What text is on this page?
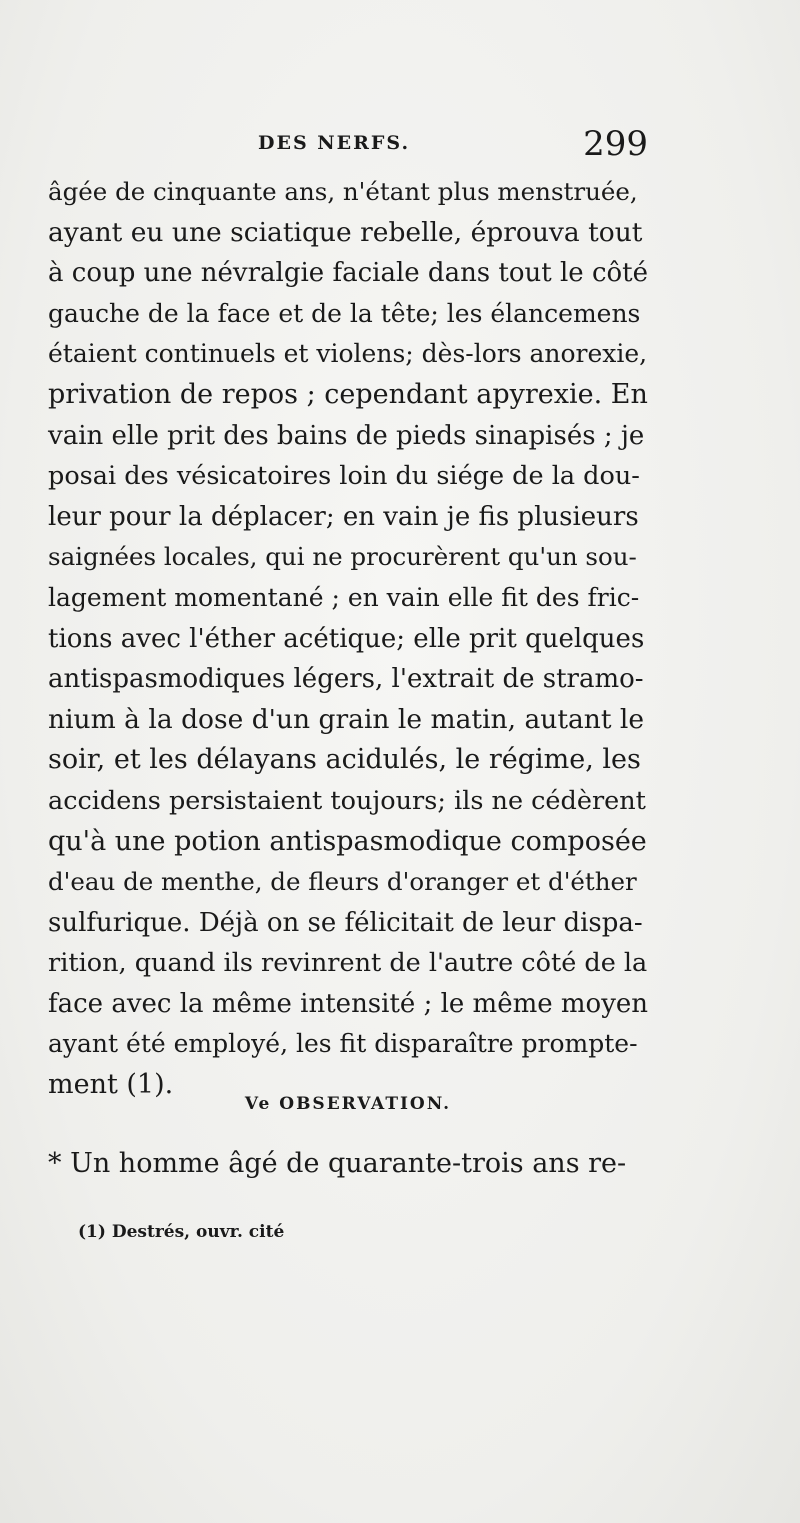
DES NERFS.	299
âgée de cinquante ans, n'étant plus menstruée,
ayant eu une sciatique rebelle, éprouva tout
à coup une névralgie faciale dans tout le côté
gauche de la face et de la tête; les élancemens
étaient continuels et violens; dès-lors anorexie,
privation de repos ; cependant apyrexie. En
vain elle prit des bains de pieds sinapisés ; je
posai des vésicatoires loin du siége de la dou-
leur pour la déplacer; en vain je fis plusieurs
saignées locales, qui ne procurèrent qu'un sou-
lagement momentané ; en vain elle fit des fric-
tions avec l'éther acétique; elle prit quelques
antispasmodiques légers, l'extrait de stramo-
nium à la dose d'un grain le matin, autant le
soir, et les délayans acidulés, le régime, les
accidens persistaient toujours; ils ne cédèrent
qu'à une potion antispasmodique composée
d'eau de menthe, de fleurs d'oranger et d'éther
sulfurique. Déjà on se félicitait de leur dispa-
rition, quand ils revinrent de l'autre côté de la
face avec la même intensité ; le même moyen
ayant été employé, les fit disparaître prompte-
ment (1).
Ve OBSERVATION.
* Un homme âgé de quarante-trois ans re-
(1) Destrés, ouvr. cité
